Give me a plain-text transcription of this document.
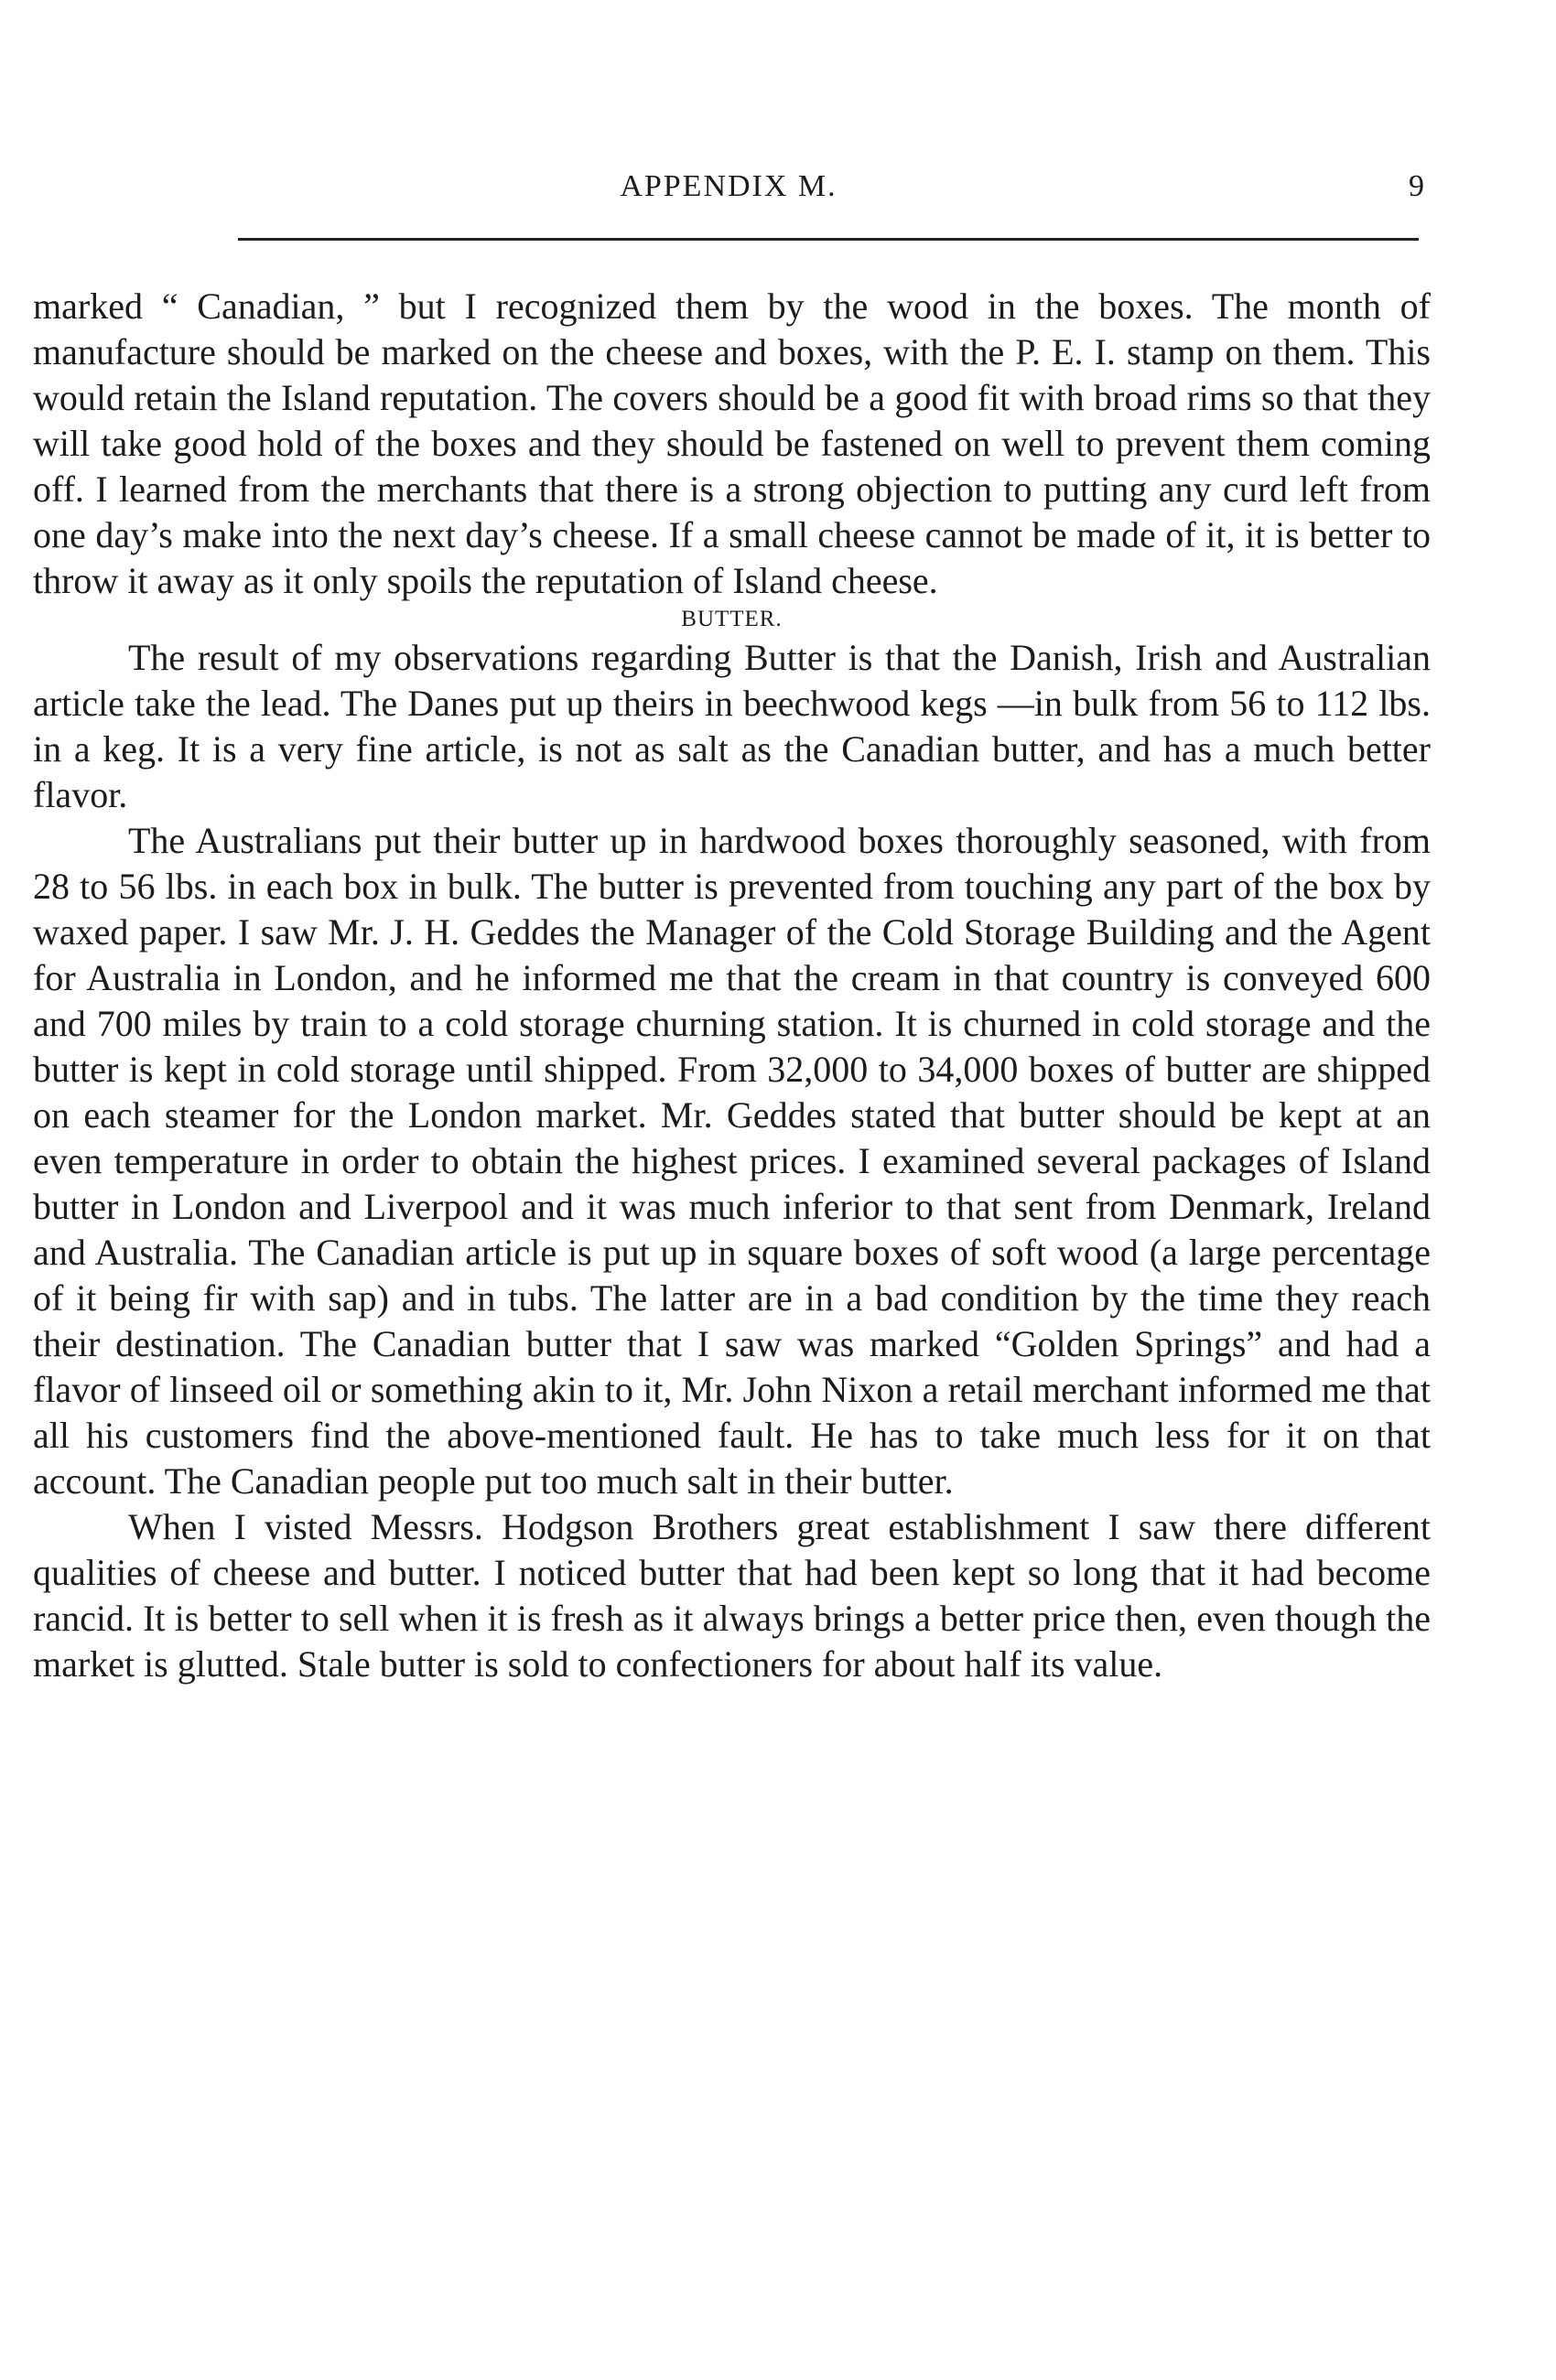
APPENDIX M.	9

marked “ Canadian, ” but I recognized them by the wood in the boxes. The month of manufacture should be marked on the cheese and boxes, with the P. E. I. stamp on them. This would retain the Island reputation. The covers should be a good fit with broad rims so that they will take good hold of the boxes and they should be fastened on well to prevent them coming off. I learned from the merchants that there is a strong objection to putting any curd left from one day’s make into the next day’s cheese. If a small cheese cannot be made of it, it is better to throw it away as it only spoils the reputation of Island cheese.

BUTTER.

The result of my observations regarding Butter is that the Danish, Irish and Australian article take the lead. The Danes put up theirs in beechwood kegs —in bulk from 56 to 112 lbs. in a keg. It is a very fine article, is not as salt as the Canadian butter, and has a much better flavor.

The Australians put their butter up in hardwood boxes thoroughly seasoned, with from 28 to 56 lbs. in each box in bulk. The butter is prevented from touching any part of the box by waxed paper. I saw Mr. J. H. Geddes the Manager of the Cold Storage Building and the Agent for Australia in London, and he informed me that the cream in that country is conveyed 600 and 700 miles by train to a cold storage churning station. It is churned in cold storage and the butter is kept in cold storage until shipped. From 32,000 to 34,000 boxes of butter are shipped on each steamer for the London market. Mr. Geddes stated that butter should be kept at an even temperature in order to obtain the highest prices. I examined several packages of Island butter in London and Liverpool and it was much inferior to that sent from Denmark, Ireland and Australia. The Canadian article is put up in square boxes of soft wood (a large percentage of it being fir with sap) and in tubs. The latter are in a bad condition by the time they reach their destination. The Canadian butter that I saw was marked “Golden Springs” and had a flavor of linseed oil or something akin to it, Mr. John Nixon a retail merchant informed me that all his customers find the above-mentioned fault. He has to take much less for it on that account. The Canadian people put too much salt in their butter.

When I visted Messrs. Hodgson Brothers great establishment I saw there different qualities of cheese and butter. I noticed butter that had been kept so long that it had become rancid. It is better to sell when it is fresh as it always brings a better price then, even though the market is glutted. Stale butter is sold to confectioners for about half its value.
